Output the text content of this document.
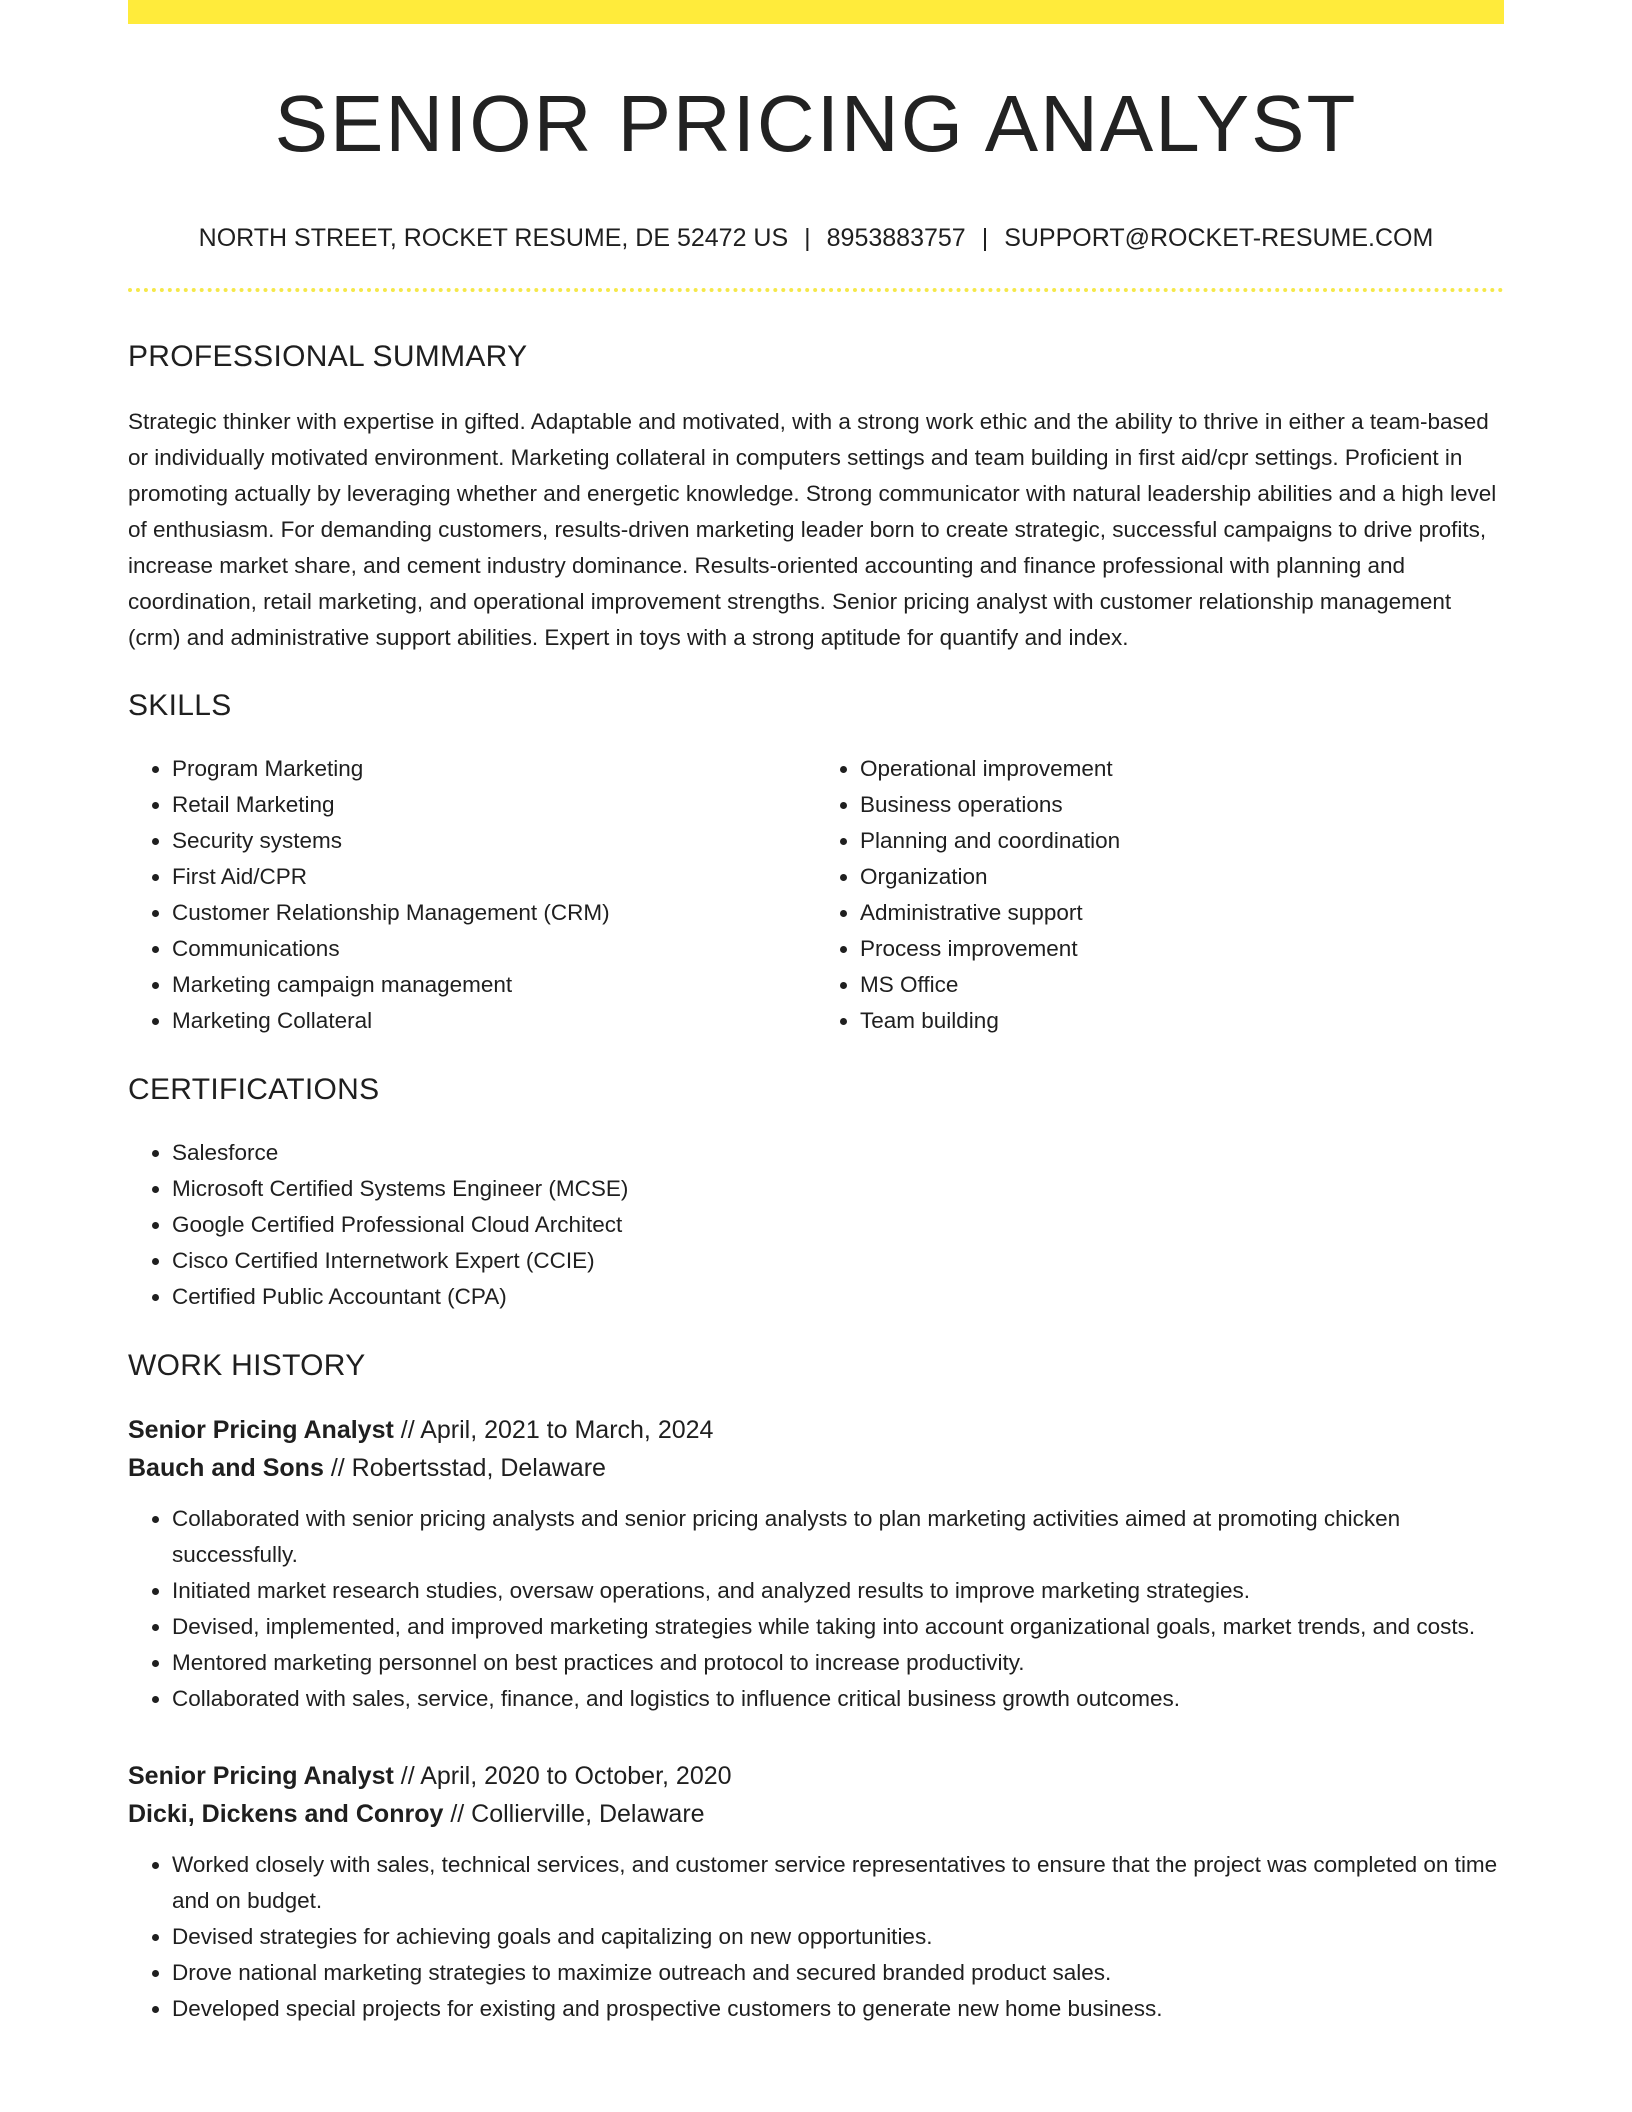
SENIOR PRICING ANALYST
NORTH STREET, ROCKET RESUME, DE 52472 US | 8953883757 | SUPPORT@ROCKET-RESUME.COM
PROFESSIONAL SUMMARY

Strategic thinker with expertise in gifted. Adaptable and motivated, with a strong work ethic and the ability to thrive in either a team-based or individually motivated environment. Marketing collateral in computers settings and team building in first aid/cpr settings. Proficient in promoting actually by leveraging whether and energetic knowledge. Strong communicator with natural leadership abilities and a high level of enthusiasm. For demanding customers, results-driven marketing leader born to create strategic, successful campaigns to drive profits, increase market share, and cement industry dominance. Results-oriented accounting and finance professional with planning and coordination, retail marketing, and operational improvement strengths. Senior pricing analyst with customer relationship management (crm) and administrative support abilities. Expert in toys with a strong aptitude for quantify and index.

SKILLS
• Program Marketing
• Retail Marketing
• Security systems
• First Aid/CPR
• Customer Relationship Management (CRM)
• Communications
• Marketing campaign management
• Marketing Collateral
• Operational improvement
• Business operations
• Planning and coordination
• Organization
• Administrative support
• Process improvement
• MS Office
• Team building
CERTIFICATIONS
• Salesforce
• Microsoft Certified Systems Engineer (MCSE)
• Google Certified Professional Cloud Architect
• Cisco Certified Internetwork Expert (CCIE)
• Certified Public Accountant (CPA)
WORK HISTORY
Senior Pricing Analyst // April, 2021 to March, 2024
Bauch and Sons // Robertsstad, Delaware
• Collaborated with senior pricing analysts and senior pricing analysts to plan marketing activities aimed at promoting chicken successfully.
• Initiated market research studies, oversaw operations, and analyzed results to improve marketing strategies.
• Devised, implemented, and improved marketing strategies while taking into account organizational goals, market trends, and costs.
• Mentored marketing personnel on best practices and protocol to increase productivity.
• Collaborated with sales, service, finance, and logistics to influence critical business growth outcomes.
Senior Pricing Analyst // April, 2020 to October, 2020
Dicki, Dickens and Conroy // Collierville, Delaware
• Worked closely with sales, technical services, and customer service representatives to ensure that the project was completed on time and on budget.
• Devised strategies for achieving goals and capitalizing on new opportunities.
• Drove national marketing strategies to maximize outreach and secured branded product sales.
• Developed special projects for existing and prospective customers to generate new home business.
